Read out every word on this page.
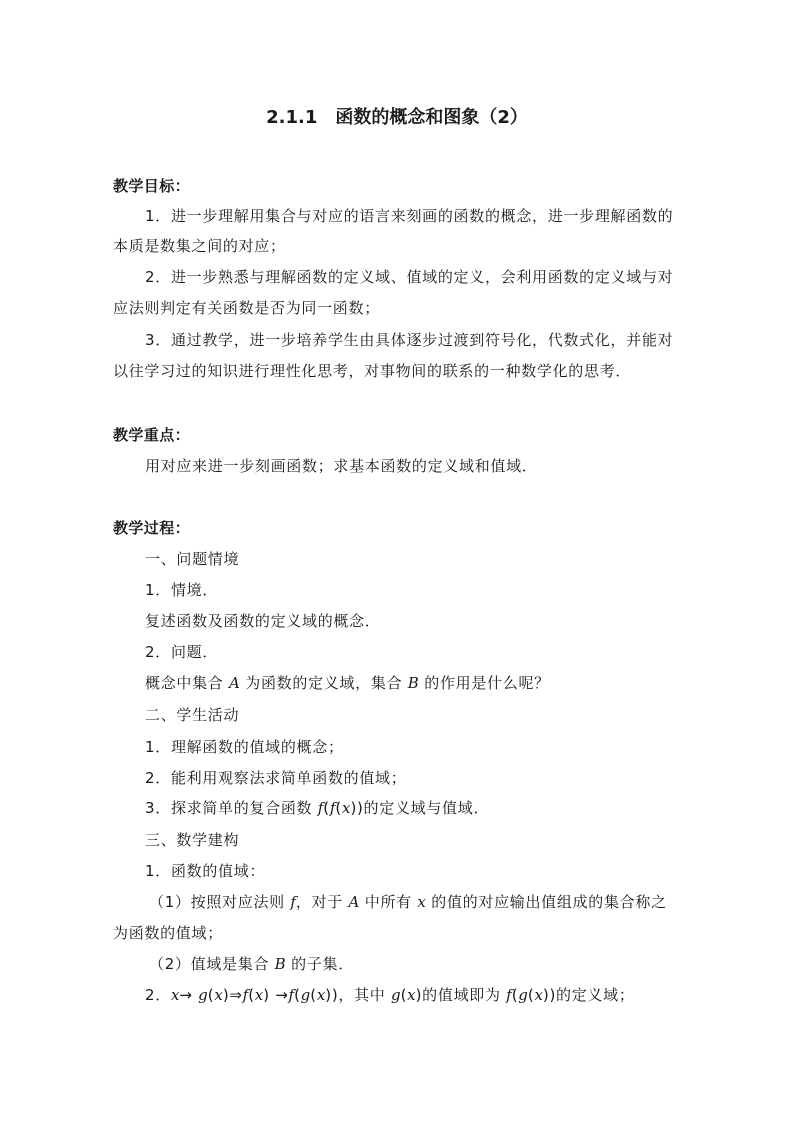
2.1.1　函数的概念和图象（2）
教学目标：
1．进一步理解用集合与对应的语言来刻画的函数的概念，进一步理解函数的
本质是数集之间的对应；
2．进一步熟悉与理解函数的定义域、值域的定义，会利用函数的定义域与对
应法则判定有关函数是否为同一函数；
3．通过教学，进一步培养学生由具体逐步过渡到符号化，代数式化，并能对
以往学习过的知识进行理性化思考，对事物间的联系的一种数学化的思考．
教学重点：
用对应来进一步刻画函数；求基本函数的定义域和值域．
教学过程：
一、问题情境
1．情境．
复述函数及函数的定义域的概念．
2．问题．
概念中集合 A 为函数的定义域，集合 B 的作用是什么呢？
二、学生活动
1．理解函数的值域的概念；
2．能利用观察法求简单函数的值域；
3．探求简单的复合函数 f(f(x))的定义域与值域．
三、数学建构
1．函数的值域：
（1）按照对应法则 f，对于 A 中所有 x 的值的对应输出值组成的集合称之
为函数的值域；
（2）值域是集合 B 的子集．
2．x→ g(x)⇒f(x) →f(g(x))，其中 g(x)的值域即为 f(g(x))的定义域；
